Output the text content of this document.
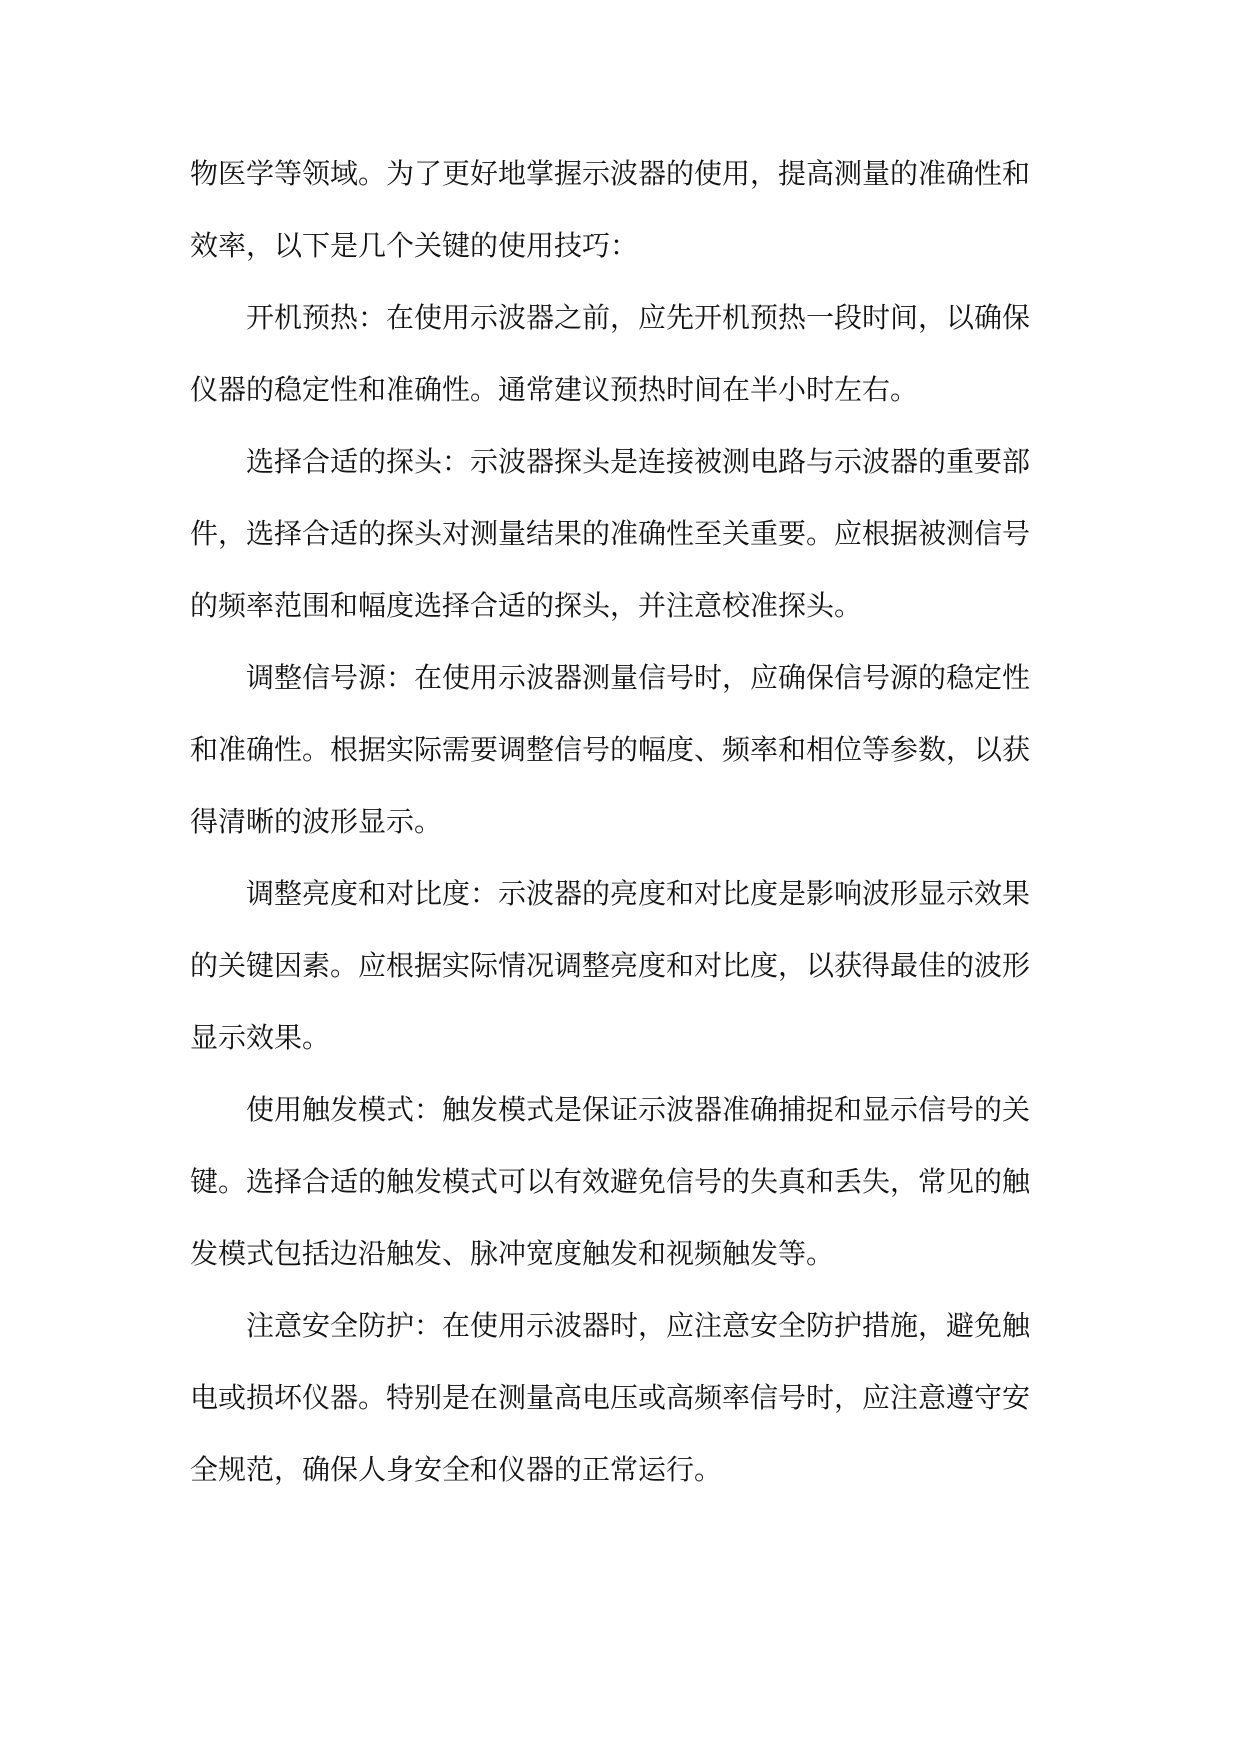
物医学等领域。为了更好地掌握示波器的使用，提高测量的准确性和
效率，以下是几个关键的使用技巧：
开机预热：在使用示波器之前，应先开机预热一段时间，以确保
仪器的稳定性和准确性。通常建议预热时间在半小时左右。
选择合适的探头：示波器探头是连接被测电路与示波器的重要部
件，选择合适的探头对测量结果的准确性至关重要。应根据被测信号
的频率范围和幅度选择合适的探头，并注意校准探头。
调整信号源：在使用示波器测量信号时，应确保信号源的稳定性
和准确性。根据实际需要调整信号的幅度、频率和相位等参数，以获
得清晰的波形显示。
调整亮度和对比度：示波器的亮度和对比度是影响波形显示效果
的关键因素。应根据实际情况调整亮度和对比度，以获得最佳的波形
显示效果。
使用触发模式：触发模式是保证示波器准确捕捉和显示信号的关
键。选择合适的触发模式可以有效避免信号的失真和丢失，常见的触
发模式包括边沿触发、脉冲宽度触发和视频触发等。
注意安全防护：在使用示波器时，应注意安全防护措施，避免触
电或损坏仪器。特别是在测量高电压或高频率信号时，应注意遵守安
全规范，确保人身安全和仪器的正常运行。
